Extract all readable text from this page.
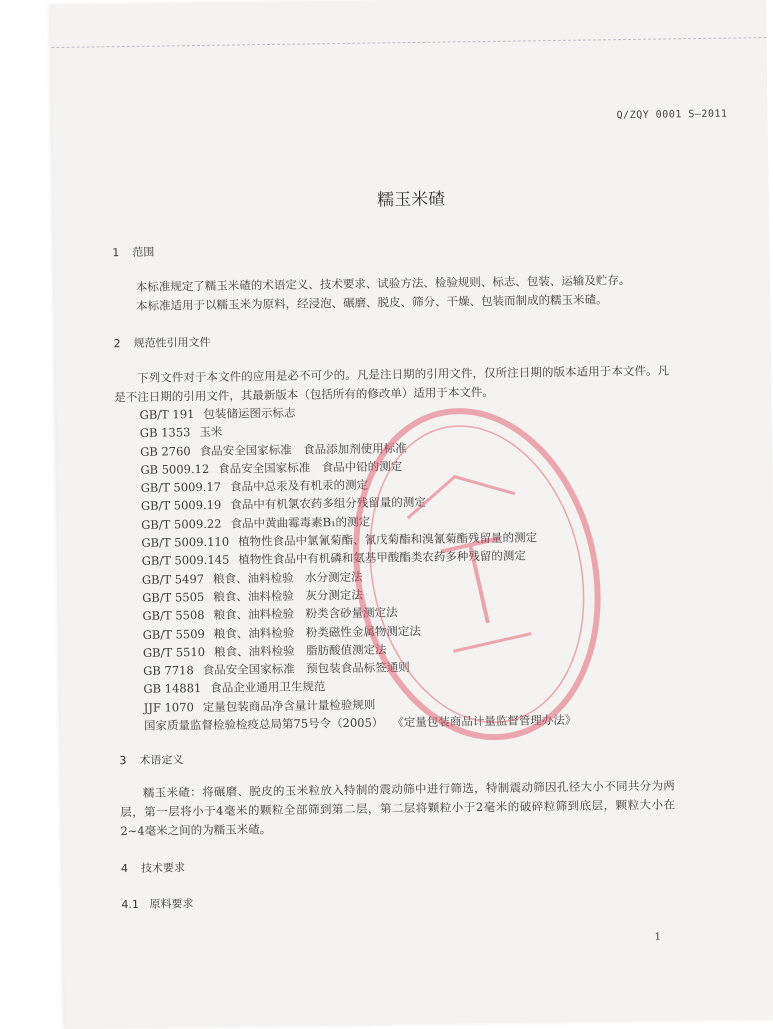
Q/ZQY 0001 S—2011
糯玉米碴
1 范围
本标准规定了糯玉米碴的术语定义、技术要求、试验方法、检验规则、标志、包装、运输及贮存。
本标准适用于以糯玉米为原料，经浸泡、碾磨、脱皮、筛分、干燥、包装而制成的糯玉米碴。
2 规范性引用文件
下列文件对于本文件的应用是必不可少的。凡是注日期的引用文件，仅所注日期的版本适用于本文件。凡是不注日期的引用文件，其最新版本（包括所有的修改单）适用于本文件。
GB/T 191 包装储运图示标志
GB 1353 玉米
GB 2760 食品安全国家标准　食品添加剂使用标准
GB 5009.12 食品安全国家标准　食品中铅的测定
GB/T 5009.17 食品中总汞及有机汞的测定
GB/T 5009.19 食品中有机氯农药多组分残留量的测定
GB/T 5009.22 食品中黄曲霉毒素B₁的测定
GB/T 5009.110 植物性食品中氯氰菊酯、氰戊菊酯和溴氰菊酯残留量的测定
GB/T 5009.145 植物性食品中有机磷和氨基甲酸酯类农药多种残留的测定
GB/T 5497 粮食、油料检验　水分测定法
GB/T 5505 粮食、油料检验　灰分测定法
GB/T 5508 粮食、油料检验　粉类含砂量测定法
GB/T 5509 粮食、油料检验　粉类磁性金属物测定法
GB/T 5510 粮食、油料检验　脂肪酸值测定法
GB 7718 食品安全国家标准　预包装食品标签通则
GB 14881 食品企业通用卫生规范
JJF 1070 定量包装商品净含量计量检验规则
国家质量监督检验检疫总局第75号令（2005） 《定量包装商品计量监督管理办法》
3 术语定义
糯玉米碴：将碾磨、脱皮的玉米粒放入特制的震动筛中进行筛选，特制震动筛因孔径大小不同共分为两层，第一层将小于4毫米的颗粒全部筛到第二层，第二层将颗粒小于2毫米的破碎粒筛到底层，颗粒大小在2~4毫米之间的为糯玉米碴。
4 技术要求
4.1 原料要求
1
